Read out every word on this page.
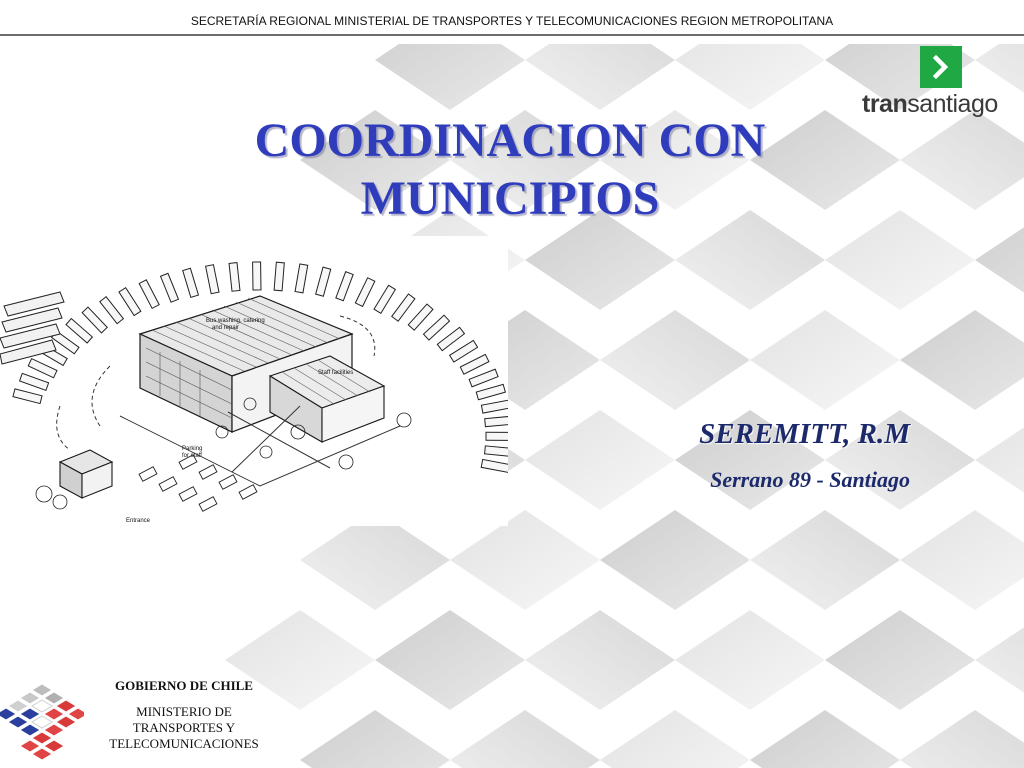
SECRETARÍA REGIONAL MINISTERIAL DE TRANSPORTES Y TELECOMUNICACIONES REGION METROPOLITANA
transantiago
COORDINACION CON
MUNICIPIOS
Bus washing, catering
and repair
Staff facilities
Parking
for staff
Entrance
SEREMITT, R.M
Serrano 89 - Santiago
GOBIERNO DE CHILE
MINISTERIO DE
TRANSPORTES Y
TELECOMUNICACIONES
